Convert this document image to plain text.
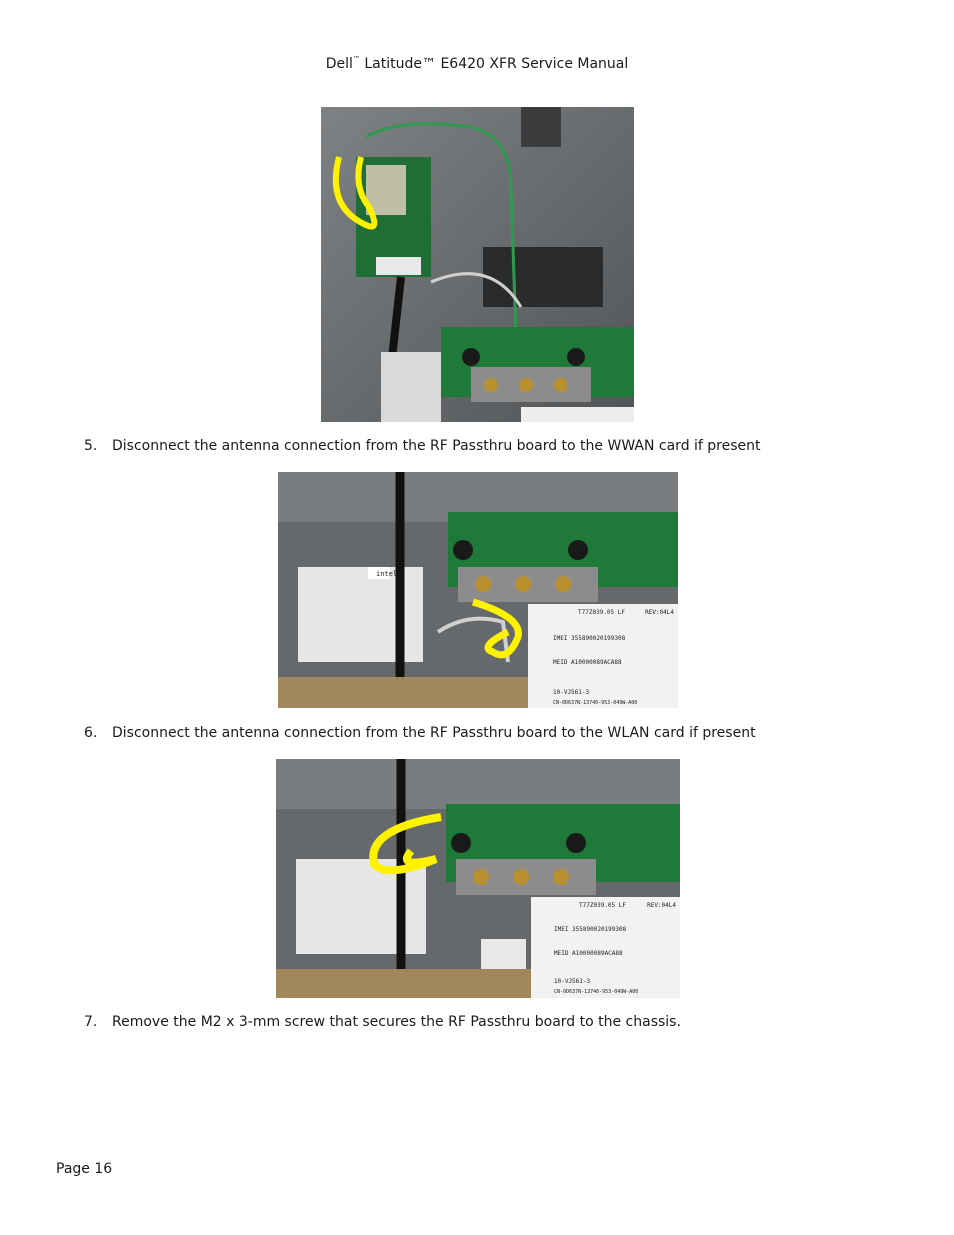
Dell™ Latitude™ E6420 XFR Service Manual
5. Disconnect the antenna connection from the RF Passthru board to the WWAN card if present
intel
T77Z039.05 LF	REV:04L4
IMEI 355890020199308
MEID A10000089ACA88
10-VJ561-3
CN-0D637N-13740-953-049W-A00
6. Disconnect the antenna connection from the RF Passthru board to the WLAN card if present
T77Z039.05 LF	REV:04L4
IMEI 355890020199308
MEID A10000089ACA88
10-VJ561-3
CN-0D637N-13740-953-049W-A00
7. Remove the M2 x 3-mm screw that secures the RF Passthru board to the chassis.
Page 16
